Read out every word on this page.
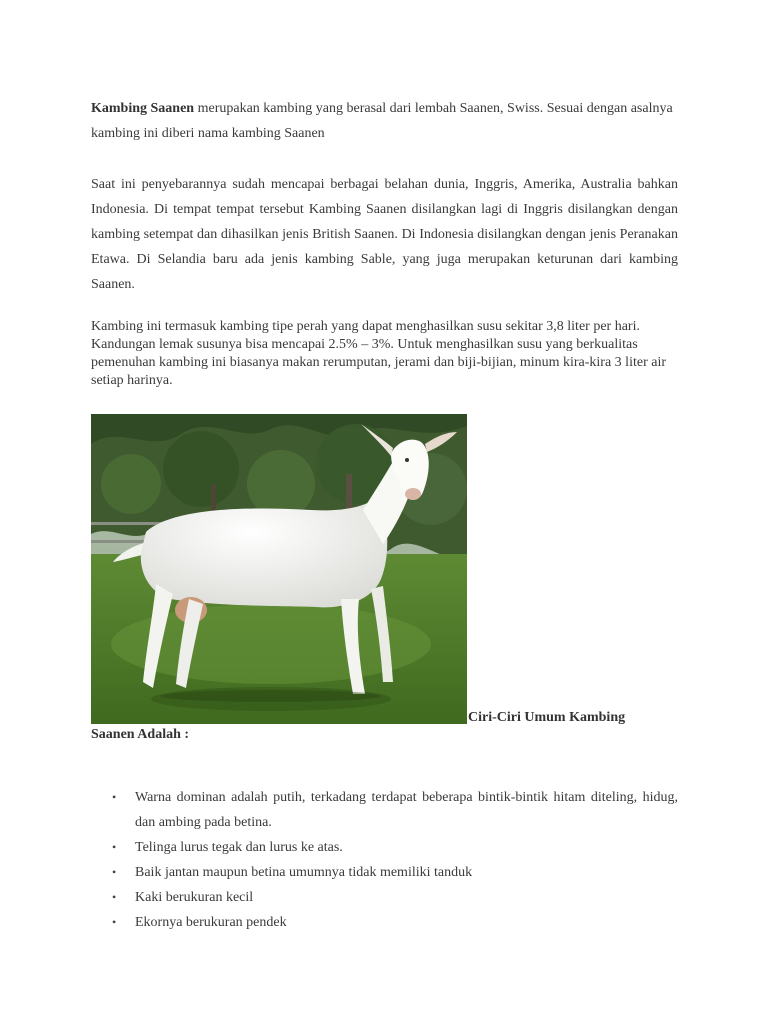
Kambing Saanen merupakan kambing yang berasal dari lembah Saanen, Swiss. Sesuai dengan asalnya kambing ini diberi nama kambing Saanen

Saat ini penyebarannya sudah mencapai berbagai belahan dunia, Inggris, Amerika, Australia bahkan Indonesia. Di tempat tempat tersebut Kambing Saanen disilangkan lagi di Inggris disilangkan dengan kambing setempat dan dihasilkan jenis British Saanen. Di Indonesia disilangkan dengan jenis Peranakan Etawa. Di Selandia baru ada jenis kambing Sable, yang juga merupakan keturunan dari kambing Saanen.

Kambing ini termasuk kambing tipe perah yang dapat menghasilkan susu sekitar 3,8 liter per hari. Kandungan lemak susunya bisa mencapai 2.5% – 3%. Untuk menghasilkan susu yang berkualitas pemenuhan kambing ini biasanya makan rerumputan, jerami dan biji-bijian, minum kira-kira 3 liter air setiap harinya.

Ciri-Ciri Umum Kambing
Saanen Adalah :
• Warna dominan adalah putih, terkadang terdapat beberapa bintik-bintik hitam diteling, hidug, dan ambing pada betina.
• Telinga lurus tegak dan lurus ke atas.
• Baik jantan maupun betina umumnya tidak memiliki tanduk
• Kaki berukuran kecil
• Ekornya berukuran pendek
